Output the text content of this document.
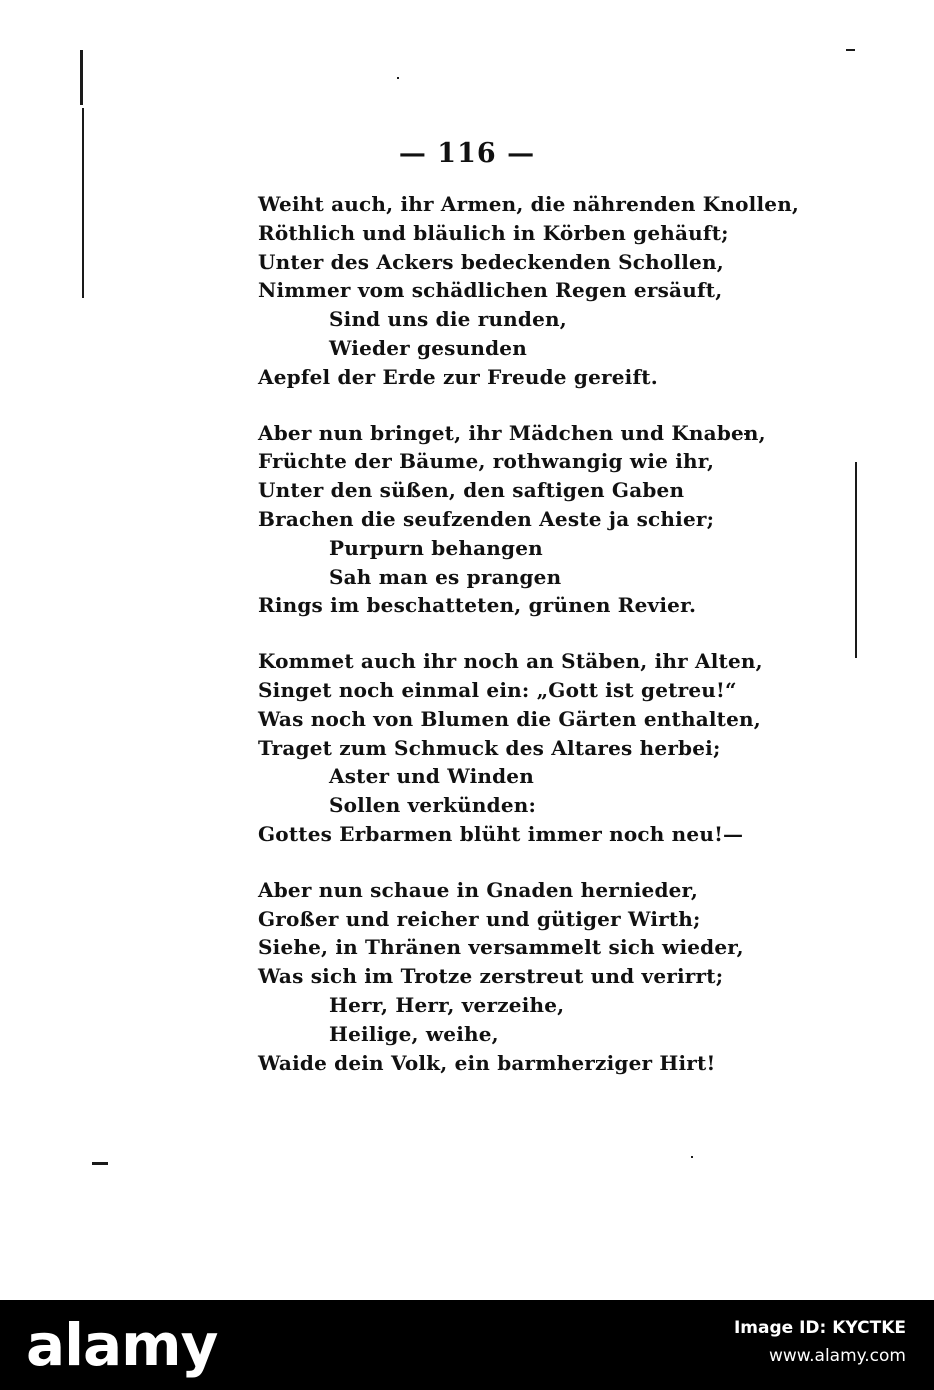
— 116 —
Weiht auch, ihr Armen, die nährenden Knollen,
Röthlich und bläulich in Körben gehäuft;
Unter des Ackers bedeckenden Schollen,
Nimmer vom schädlichen Regen ersäuft,
Sind uns die runden,
Wieder gesunden
Aepfel der Erde zur Freude gereift.
Aber nun bringet, ihr Mädchen und Knaben,
Früchte der Bäume, rothwangig wie ihr,
Unter den süßen, den saftigen Gaben
Brachen die seufzenden Aeste ja schier;
Purpurn behangen
Sah man es prangen
Rings im beschatteten, grünen Revier.
Kommet auch ihr noch an Stäben, ihr Alten,
Singet noch einmal ein: „Gott ist getreu!“
Was noch von Blumen die Gärten enthalten,
Traget zum Schmuck des Altares herbei;
Aster und Winden
Sollen verkünden:
Gottes Erbarmen blüht immer noch neu!—
Aber nun schaue in Gnaden hernieder,
Großer und reicher und gütiger Wirth;
Siehe, in Thränen versammelt sich wieder,
Was sich im Trotze zerstreut und verirrt;
Herr, Herr, verzeihe,
Heilige, weihe,
Waide dein Volk, ein barmherziger Hirt!
alamy	Image ID: KYCTKE
www.alamy.com
